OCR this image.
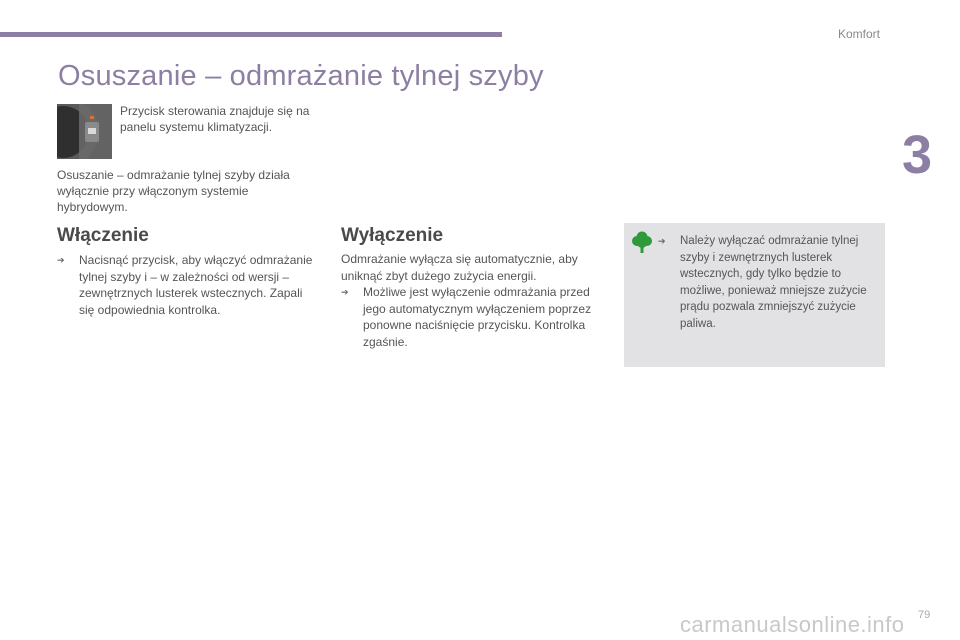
Komfort
3
Osuszanie – odmrażanie tylnej szyby
Przycisk sterowania znajduje się na panelu systemu klimatyzacji.
Osuszanie – odmrażanie tylnej szyby działa wyłącznie przy włączonym systemie hybrydowym.
Włączenie
➔ Nacisnąć przycisk, aby włączyć odmrażanie tylnej szyby i – w zależności od wersji – zewnętrznych lusterek wstecznych. Zapali się odpowiednia kontrolka.
Wyłączenie
Odmrażanie wyłącza się automatycznie, aby uniknąć zbyt dużego zużycia energii.
➔ Możliwe jest wyłączenie odmrażania przed jego automatycznym wyłączeniem poprzez ponowne naciśnięcie przycisku. Kontrolka zgaśnie.
➔ Należy wyłączać odmrażanie tylnej szyby i zewnętrznych lusterek wstecznych, gdy tylko będzie to możliwe, ponieważ mniejsze zużycie prądu pozwala zmniejszyć zużycie paliwa.
carmanualsonline.info 79
